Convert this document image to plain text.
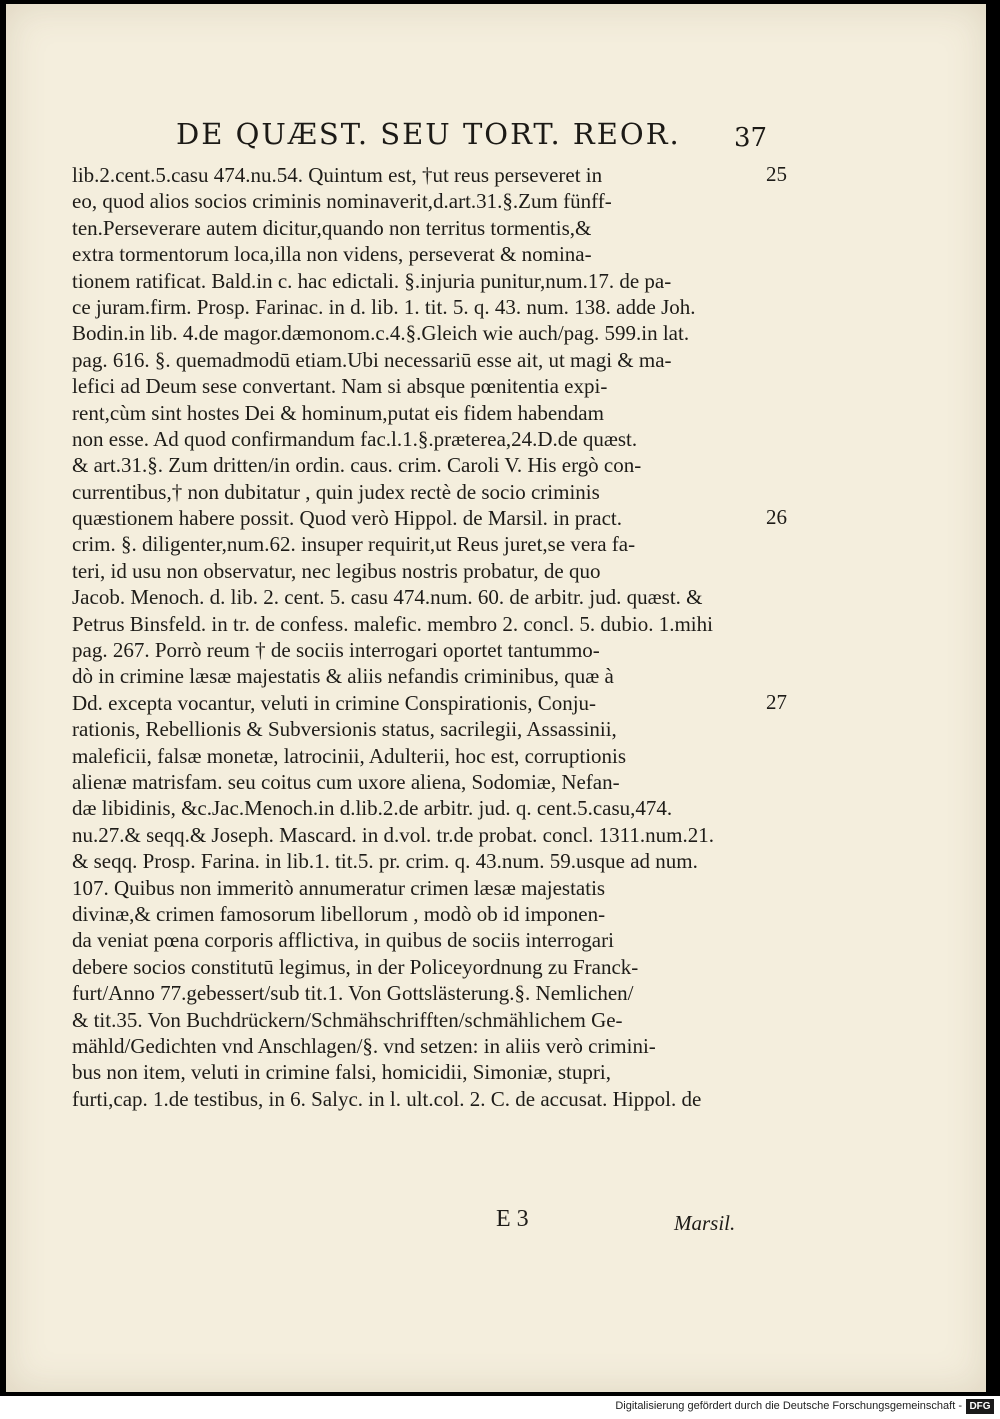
DE QUÆST. SEU TORT. REOR.	37
lib.2.cent.5.casu 474.nu.54. Quintum est, †ut reus perseveret in
eo, quod alios socios criminis nominaverit,d.art.31.§.Zum fünff-
ten.Perseverare autem dicitur,quando non territus tormentis,&
extra tormentorum loca,illa non videns, perseverat & nomina-
tionem ratificat. Bald.in c. hac edictali. §.injuria punitur,num.17. de pa-
ce juram.firm. Prosp. Farinac. in d. lib. 1. tit. 5. q. 43. num. 138. adde Joh.
Bodin.in lib. 4.de magor.dæmonom.c.4.§.Gleich wie auch/pag. 599.in lat.
pag. 616. §. quemadmodū etiam.Ubi necessariū esse ait, ut magi & ma-
lefici ad Deum sese convertant. Nam si absque pœnitentia expi-
rent,cùm sint hostes Dei & hominum,putat eis fidem habendam
non esse. Ad quod confirmandum fac.l.1.§.præterea,24.D.de quæst.
& art.31.§. Zum dritten/in ordin. caus. crim. Caroli V. His ergò con-
currentibus,† non dubitatur , quin judex rectè de socio criminis
quæstionem habere possit. Quod verò Hippol. de Marsil. in pract.
crim. §. diligenter,num.62. insuper requirit,ut Reus juret,se vera fa-
teri, id usu non observatur, nec legibus nostris probatur, de quo
Jacob. Menoch. d. lib. 2. cent. 5. casu 474.num. 60. de arbitr. jud. quæst. &
Petrus Binsfeld. in tr. de confess. malefic. membro 2. concl. 5. dubio. 1.mihi
pag. 267. Porrò reum † de sociis interrogari oportet tantummo-
dò in crimine læsæ majestatis & aliis nefandis criminibus, quæ à
Dd. excepta vocantur, veluti in crimine Conspirationis, Conju-
rationis, Rebellionis & Subversionis status, sacrilegii, Assassinii,
maleficii, falsæ monetæ, latrocinii, Adulterii, hoc est, corruptionis
alienæ matrisfam. seu coitus cum uxore aliena, Sodomiæ, Nefan-
dæ libidinis, &c.Jac.Menoch.in d.lib.2.de arbitr. jud. q. cent.5.casu,474.
nu.27.& seqq.& Joseph. Mascard. in d.vol. tr.de probat. concl. 1311.num.21.
& seqq. Prosp. Farina. in lib.1. tit.5. pr. crim. q. 43.num. 59.usque ad num.
107. Quibus non immeritò annumeratur crimen læsæ majestatis
divinæ,& crimen famosorum libellorum , modò ob id imponen-
da veniat pœna corporis afflictiva, in quibus de sociis interrogari
debere socios constitutū legimus, in der Policeyordnung zu Franck-
furt/Anno 77.gebessert/sub tit.1. Von Gottslästerung.§. Nemlichen/
& tit.35. Von Buchdrückern/Schmähschrifften/schmählichem Ge-
mähld/Gedichten vnd Anschlagen/§. vnd setzen: in aliis verò crimini-
bus non item, veluti in crimine falsi, homicidii, Simoniæ, stupri,
furti,cap. 1.de testibus, in 6. Salyc. in l. ult.col. 2. C. de accusat. Hippol. de
25
26
27
E 3	Marsil.
Digitalisierung gefördert durch die Deutsche Forschungsgemeinschaft - DFG
